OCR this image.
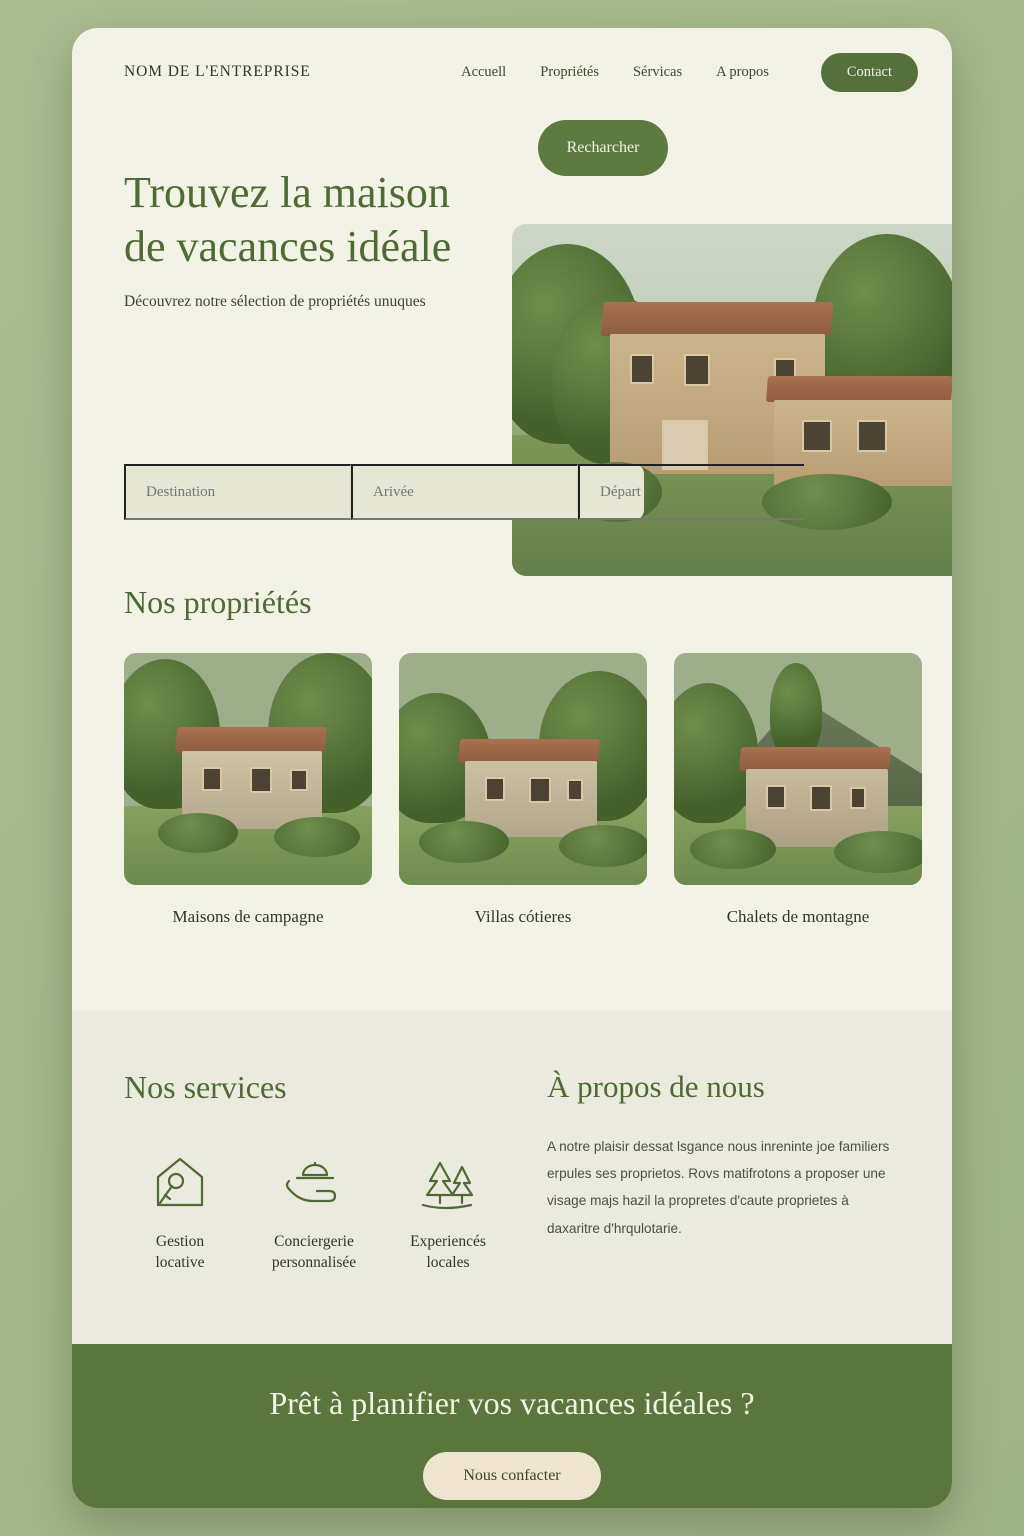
NOM DE L'ENTREPRISE	Accuell Propriétés Sérvicas A propos	Contact
Trouvez la maison
de vacances idéale
Découvrez notre sélection de propriétés unuques
Destination
Arivée
Départ
Recharcher
Nos propriétés
Maisons de campagne	Villas cótieres	Chalets de montagne
Nos services
Gestion
locative
Conciergerie
personnalisée
Experiencés
locales
À propos de nous
A notre plaisir dessat lsgance nous inreninte joe familiers erpules ses proprietos. Rovs matifrotons a proposer une visage majs hazil la propretes d'caute proprietes à daxaritre d'hrqulotarie.
Prêt à planifier vos vacances idéales ?
Nous confacter
